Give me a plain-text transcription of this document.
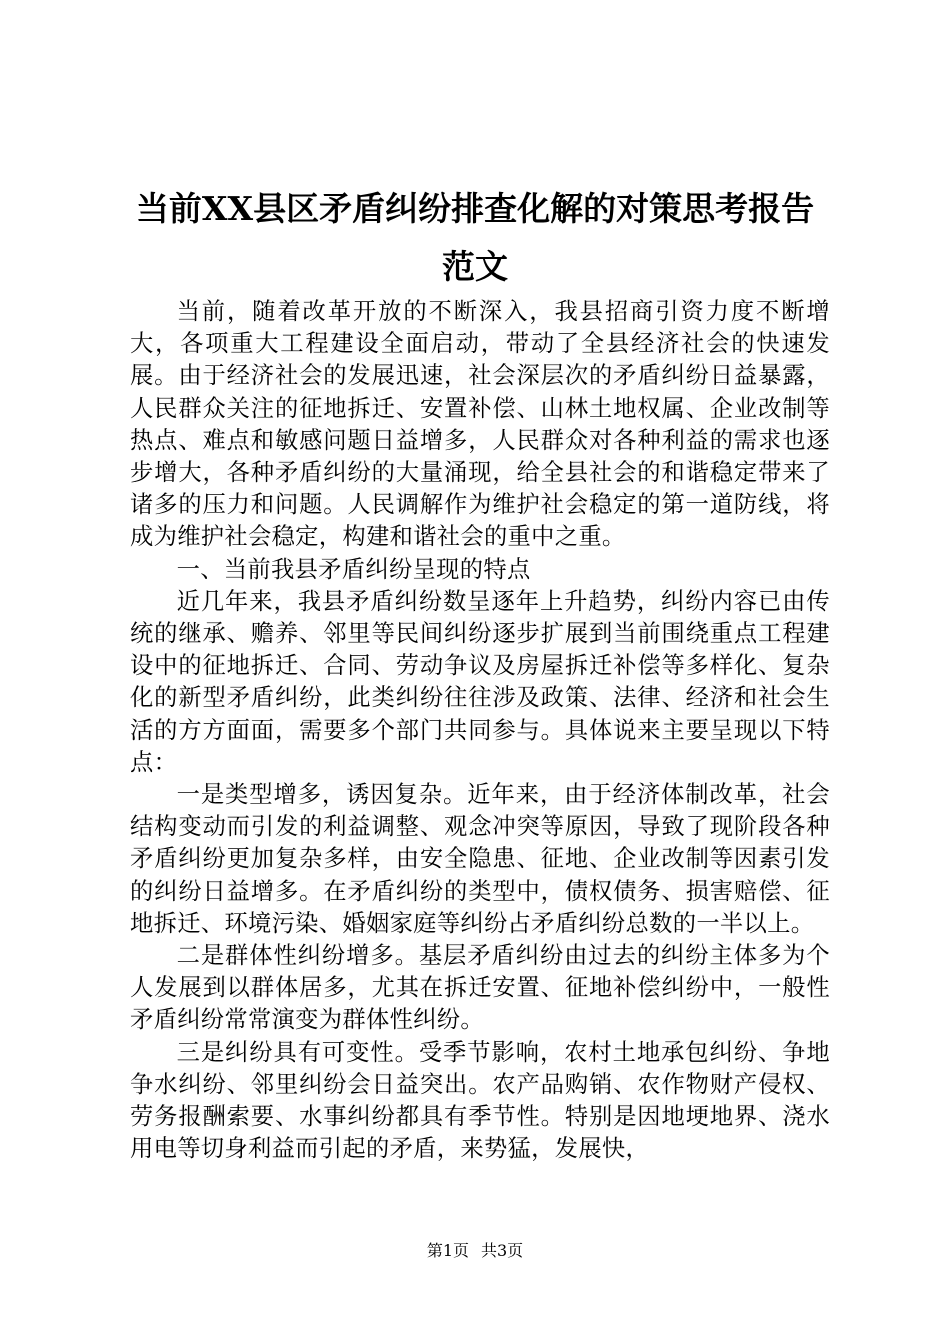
当前XX县区矛盾纠纷排查化解的对策思考报告范文

当前，随着改革开放的不断深入，我县招商引资力度不断增大，各项重大工程建设全面启动，带动了全县经济社会的快速发展。由于经济社会的发展迅速，社会深层次的矛盾纠纷日益暴露，人民群众关注的征地拆迁、安置补偿、山林土地权属、企业改制等热点、难点和敏感问题日益增多，人民群众对各种利益的需求也逐步增大，各种矛盾纠纷的大量涌现，给全县社会的和谐稳定带来了诸多的压力和问题。人民调解作为维护社会稳定的第一道防线，将成为维护社会稳定，构建和谐社会的重中之重。

一、当前我县矛盾纠纷呈现的特点

近几年来，我县矛盾纠纷数呈逐年上升趋势，纠纷内容已由传统的继承、赡养、邻里等民间纠纷逐步扩展到当前围绕重点工程建设中的征地拆迁、合同、劳动争议及房屋拆迁补偿等多样化、复杂化的新型矛盾纠纷，此类纠纷往往涉及政策、法律、经济和社会生活的方方面面，需要多个部门共同参与。具体说来主要呈现以下特点：

一是类型增多，诱因复杂。近年来，由于经济体制改革，社会结构变动而引发的利益调整、观念冲突等原因，导致了现阶段各种矛盾纠纷更加复杂多样，由安全隐患、征地、企业改制等因素引发的纠纷日益增多。在矛盾纠纷的类型中，债权债务、损害赔偿、征地拆迁、环境污染、婚姻家庭等纠纷占矛盾纠纷总数的一半以上。

二是群体性纠纷增多。基层矛盾纠纷由过去的纠纷主体多为个人发展到以群体居多，尤其在拆迁安置、征地补偿纠纷中，一般性矛盾纠纷常常演变为群体性纠纷。

三是纠纷具有可变性。受季节影响，农村土地承包纠纷、争地争水纠纷、邻里纠纷会日益突出。农产品购销、农作物财产侵权、劳务报酬索要、水事纠纷都具有季节性。特别是因地埂地界、浇水用电等切身利益而引起的矛盾，来势猛，发展快，

第1页 共3页
